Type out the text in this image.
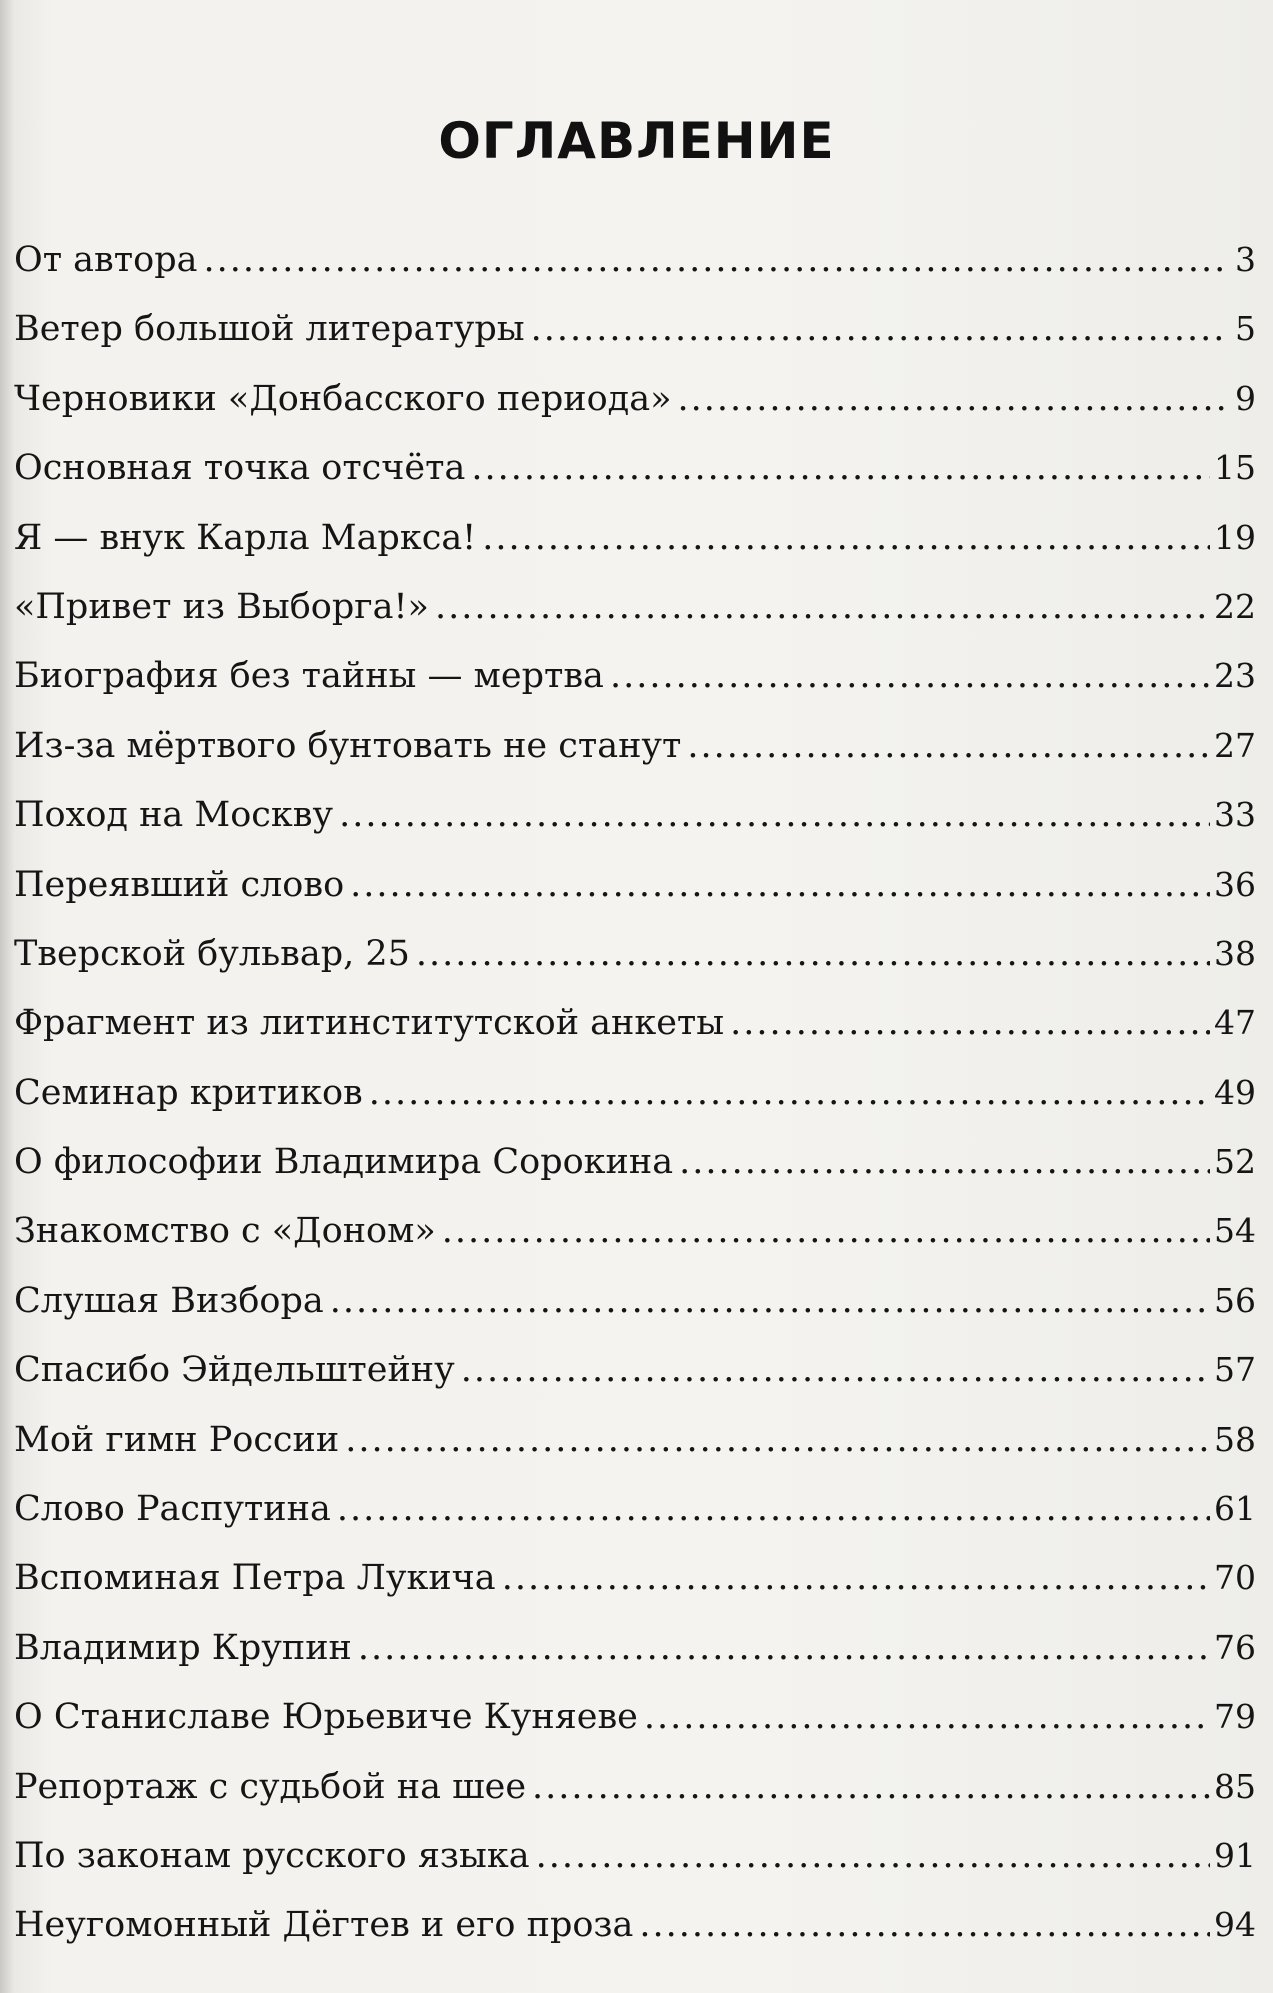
ОГЛАВЛЕНИЕ
От автора .....	3
Ветер большой литературы .....	5
Черновики «Донбасского периода» .....	9
Основная точка отсчёта .....	15
Я — внук Карла Маркса! .....	19
«Привет из Выборга!» .....	22
Биография без тайны — мертва .....	23
Из-за мёртвого бунтовать не станут .....	27
Поход на Москву .....	33
Переявший слово .....	36
Тверской бульвар, 25 .....	38
Фрагмент из литинститутской анкеты .....	47
Семинар критиков .....	49
О философии Владимира Сорокина .....	52
Знакомство с «Доном» .....	54
Слушая Визбора .....	56
Спасибо Эйдельштейну .....	57
Мой гимн России .....	58
Слово Распутина .....	61
Вспоминая Петра Лукича .....	70
Владимир Крупин .....	76
О Станиславе Юрьевиче Куняеве .....	79
Репортаж с судьбой на шее .....	85
По законам русского языка .....	91
Неугомонный Дёгтев и его проза .....	94
